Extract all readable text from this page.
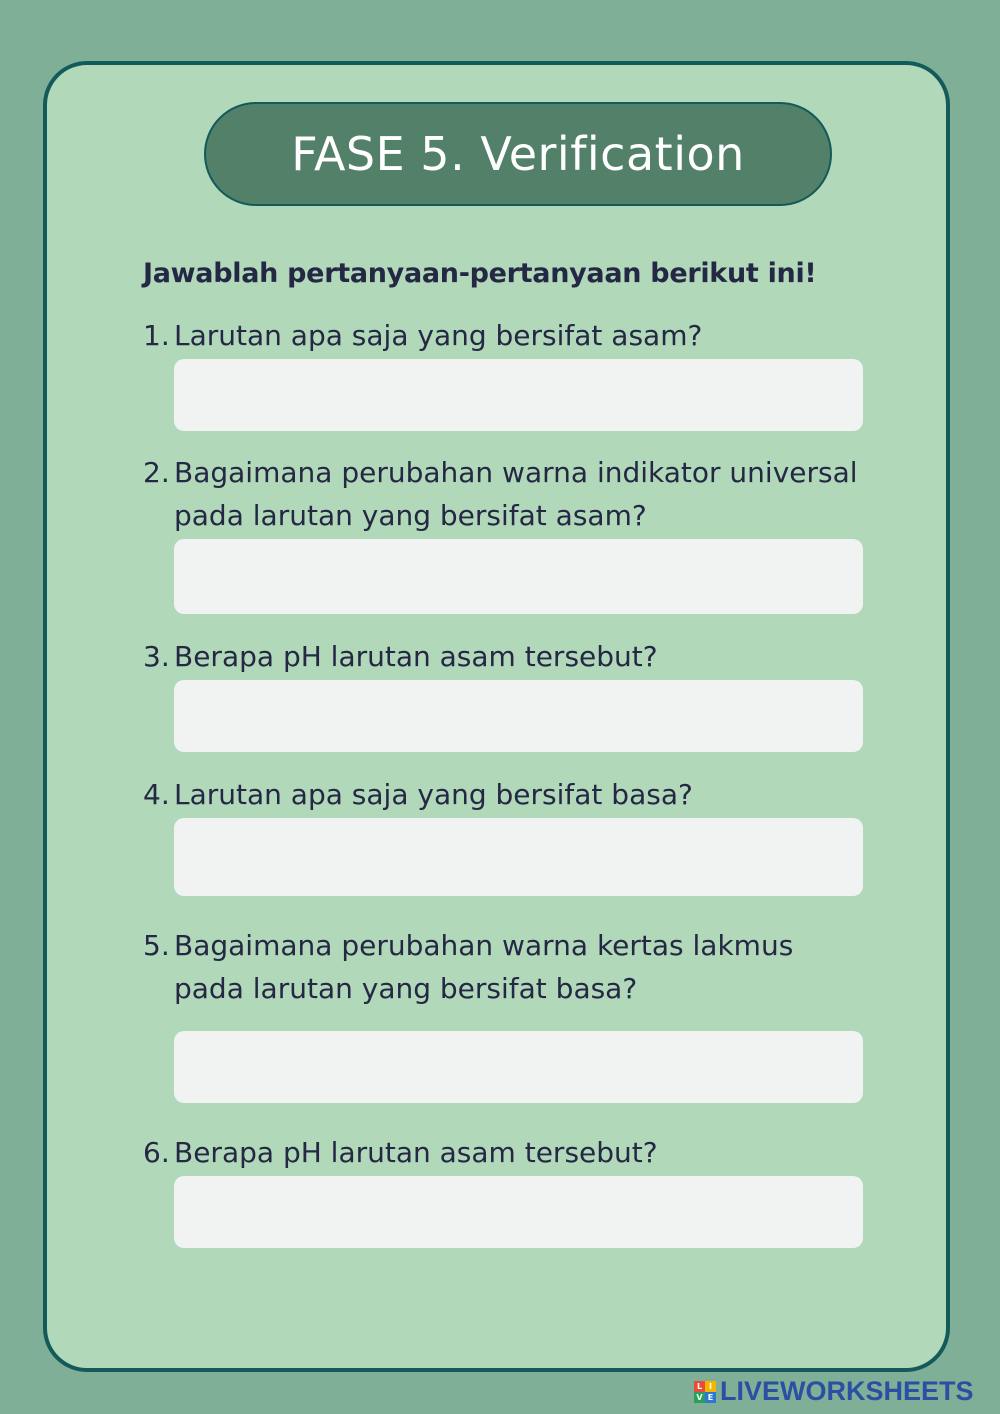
FASE 5. Verification
Jawablah pertanyaan-pertanyaan berikut ini!
1. Larutan apa saja yang bersifat asam?
2. Bagaimana perubahan warna indikator universal pada larutan yang bersifat asam?
3. Berapa pH larutan asam tersebut?
4. Larutan apa saja yang bersifat basa?
5. Bagaimana perubahan warna kertas lakmus pada larutan yang bersifat basa?
6. Berapa pH larutan asam tersebut?
L I
V E LIVEWORKSHEETS
